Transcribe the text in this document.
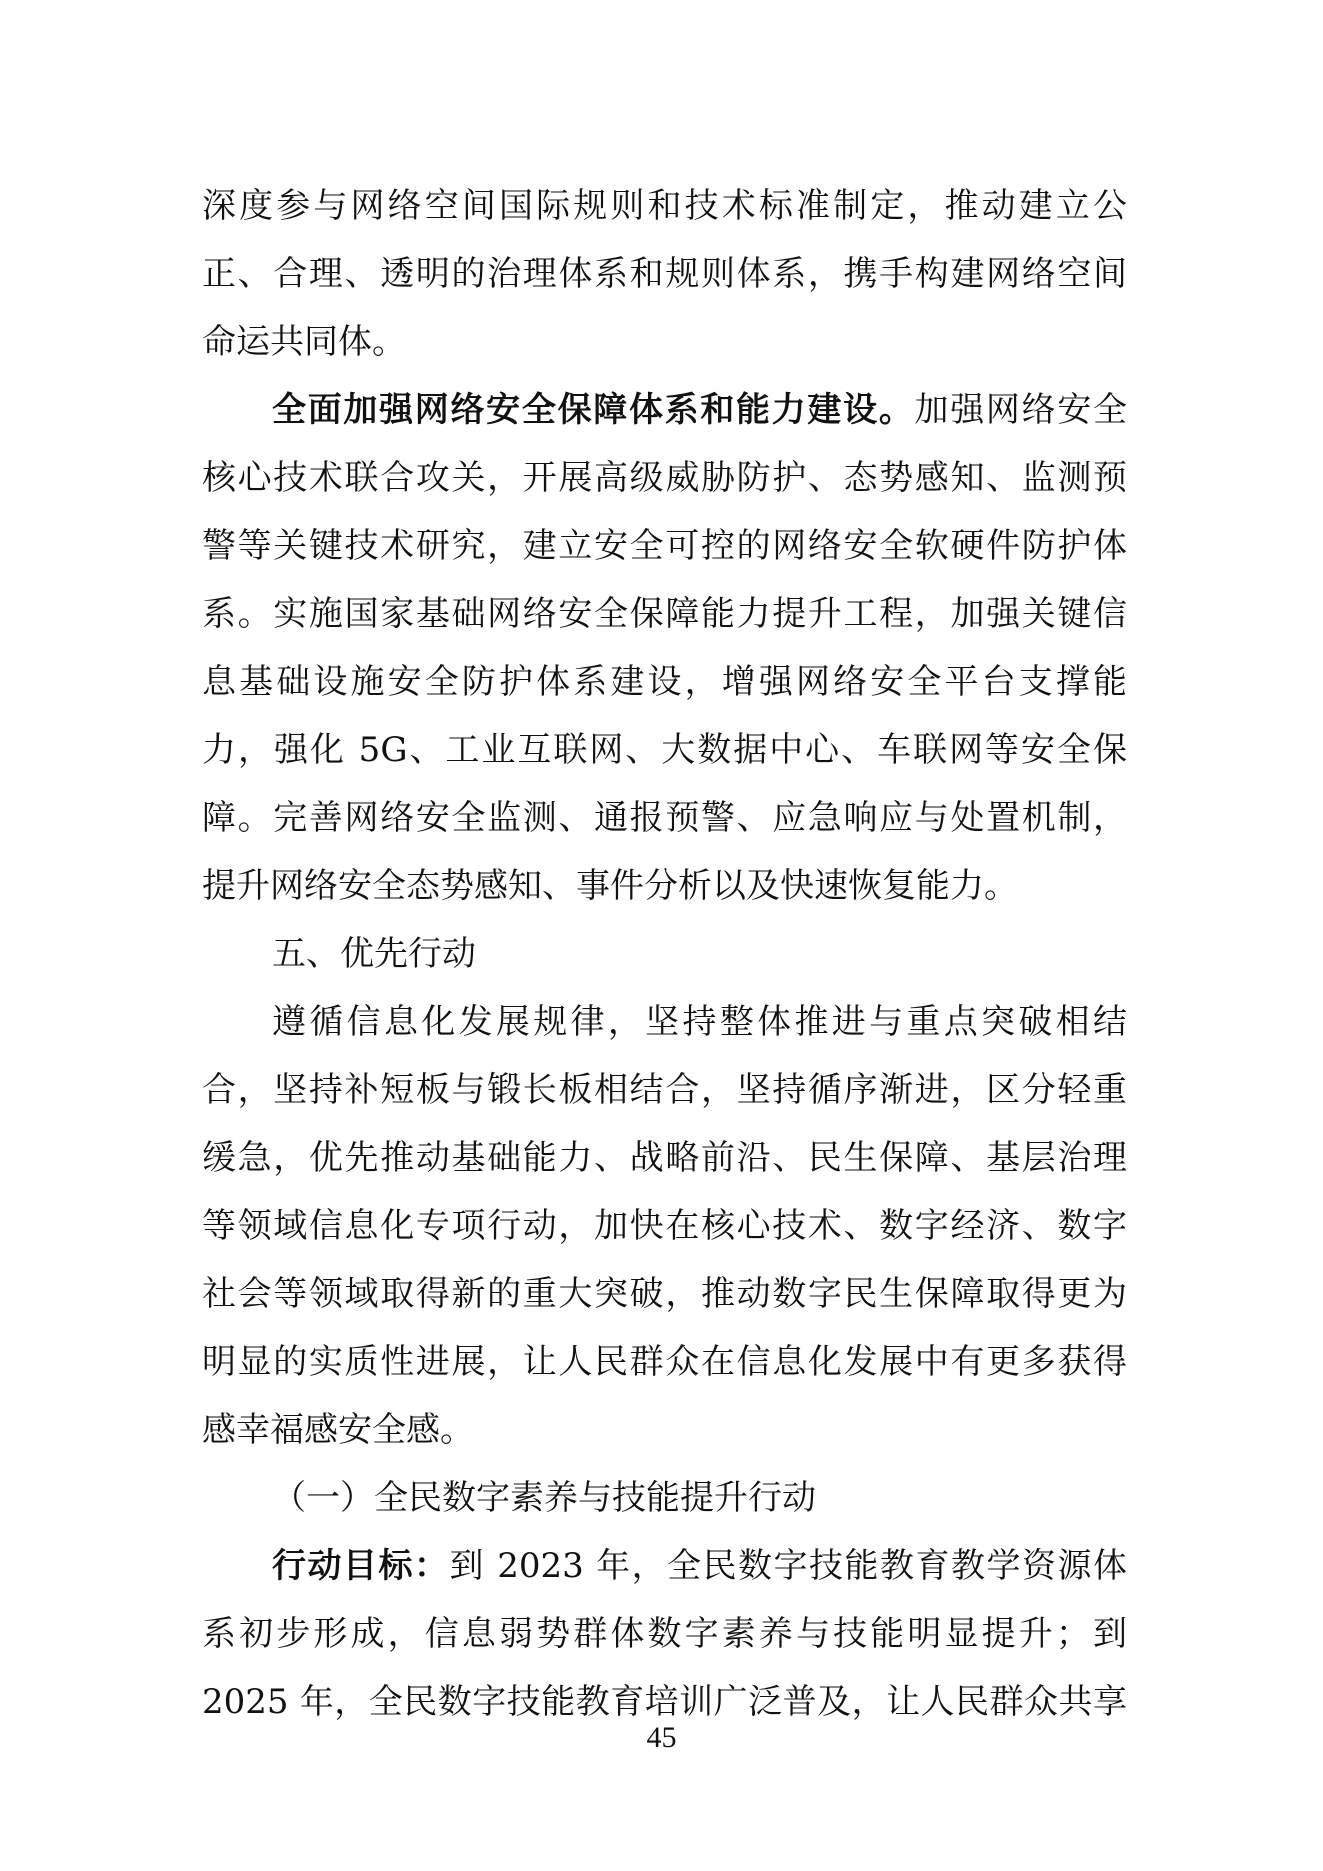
深度参与网络空间国际规则和技术标准制定，推动建立公
正、合理、透明的治理体系和规则体系，携手构建网络空间
命运共同体。
全面加强网络安全保障体系和能力建设。加强网络安全
核心技术联合攻关，开展高级威胁防护、态势感知、监测预
警等关键技术研究，建立安全可控的网络安全软硬件防护体
系。实施国家基础网络安全保障能力提升工程，加强关键信
息基础设施安全防护体系建设，增强网络安全平台支撑能
力，强化 5G、工业互联网、大数据中心、车联网等安全保
障。完善网络安全监测、通报预警、应急响应与处置机制，
提升网络安全态势感知、事件分析以及快速恢复能力。
五、优先行动
遵循信息化发展规律，坚持整体推进与重点突破相结
合，坚持补短板与锻长板相结合，坚持循序渐进，区分轻重
缓急，优先推动基础能力、战略前沿、民生保障、基层治理
等领域信息化专项行动，加快在核心技术、数字经济、数字
社会等领域取得新的重大突破，推动数字民生保障取得更为
明显的实质性进展，让人民群众在信息化发展中有更多获得
感幸福感安全感。
（一）全民数字素养与技能提升行动
行动目标：到 2023 年，全民数字技能教育教学资源体
系初步形成，信息弱势群体数字素养与技能明显提升；到
2025 年，全民数字技能教育培训广泛普及，让人民群众共享
45
